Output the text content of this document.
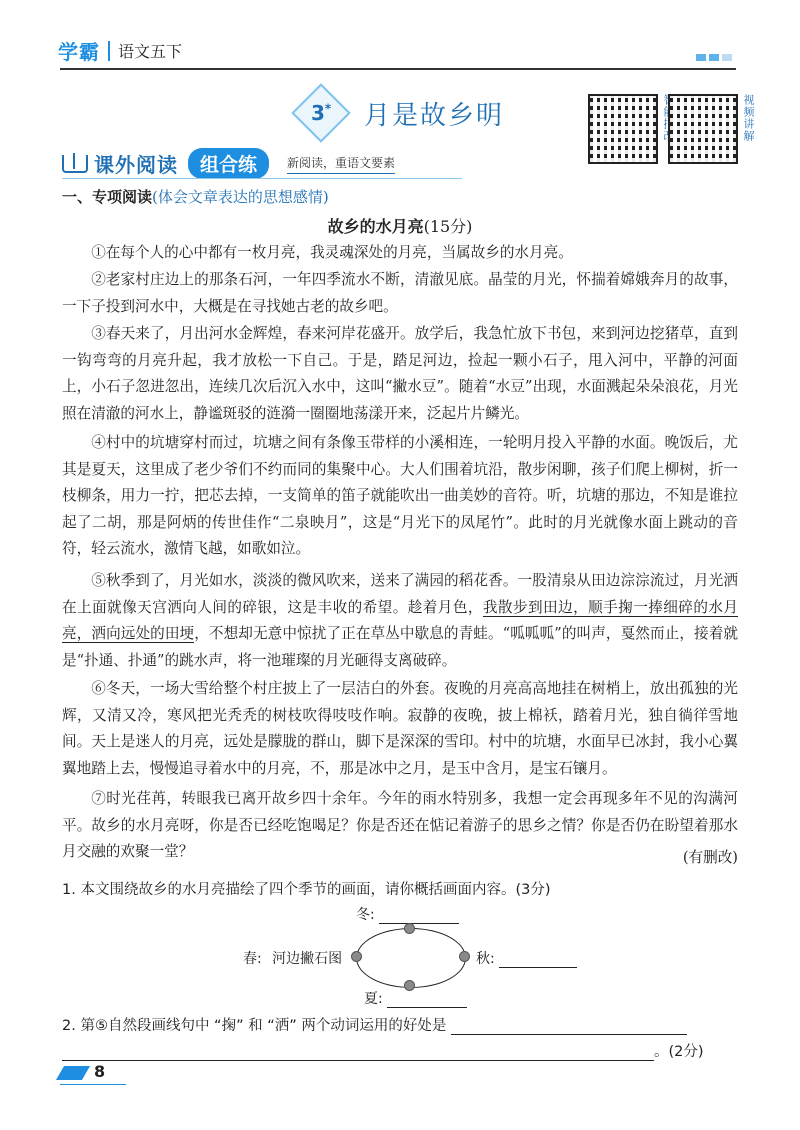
学霸 语文五下
3* 月是故乡明	视频讲解
课外阅读	组合练	新阅读，重语文要素
一、专项阅读(体会文章表达的思想感情)
故乡的水月亮(15分)

①在每个人的心中都有一枚月亮，我灵魂深处的月亮，当属故乡的水月亮。

②老家村庄边上的那条石河，一年四季流水不断，清澈见底。晶莹的月光，怀揣着嫦娥奔月的故事，一下子投到河水中，大概是在寻找她古老的故乡吧。

③春天来了，月出河水金辉煌，春来河岸花盛开。放学后，我急忙放下书包，来到河边挖猪草，直到一钩弯弯的月亮升起，我才放松一下自己。于是，踏足河边，捡起一颗小石子，甩入河中，平静的河面上，小石子忽进忽出，连续几次后沉入水中，这叫“撇水豆”。随着“水豆”出现，水面溅起朵朵浪花，月光照在清澈的河水上，静谧斑驳的涟漪一圈圈地荡漾开来，泛起片片鳞光。

④村中的坑塘穿村而过，坑塘之间有条像玉带样的小溪相连，一轮明月投入平静的水面。晚饭后，尤其是夏天，这里成了老少爷们不约而同的集聚中心。大人们围着坑沿，散步闲聊，孩子们爬上柳树，折一枝柳条，用力一拧，把芯去掉，一支简单的笛子就能吹出一曲美妙的音符。听，坑塘的那边，不知是谁拉起了二胡，那是阿炳的传世佳作“二泉映月”，这是“月光下的凤尾竹”。此时的月光就像水面上跳动的音符，轻云流水，激情飞越，如歌如泣。

⑤秋季到了，月光如水，淡淡的微风吹来，送来了满园的稻花香。一股清泉从田边淙淙流过，月光洒在上面就像天宫洒向人间的碎银，这是丰收的希望。趁着月色，我散步到田边，顺手掬一捧细碎的水月亮，洒向远处的田埂，不想却无意中惊扰了正在草丛中歇息的青蛙。“呱呱呱”的叫声，戛然而止，接着就是“扑通、扑通”的跳水声，将一池璀璨的月光砸得支离破碎。

⑥冬天，一场大雪给整个村庄披上了一层洁白的外套。夜晚的月亮高高地挂在树梢上，放出孤独的光辉，又清又冷，寒风把光秃秃的树枝吹得吱吱作响。寂静的夜晚，披上棉袄，踏着月光，独自徜徉雪地间。天上是迷人的月亮，远处是朦胧的群山，脚下是深深的雪印。村中的坑塘，水面早已冰封，我小心翼翼地踏上去，慢慢追寻着水中的月亮，不，那是冰中之月，是玉中含月，是宝石镶月。

⑦时光荏苒，转眼我已离开故乡四十余年。今年的雨水特别多，我想一定会再现多年不见的沟满河平。故乡的水月亮呀，你是否已经吃饱喝足？你是否还在惦记着游子的思乡之情？你是否仍在盼望着那水月交融的欢聚一堂？	(有删改)
1. 本文围绕故乡的水月亮描绘了四个季节的画面，请你概括画面内容。(3分)
冬:
春: 河边撇石图	秋:
夏:
2. 第⑤自然段画线句中 “掬” 和 “洒” 两个动词运用的好处是
。(2分)
8
